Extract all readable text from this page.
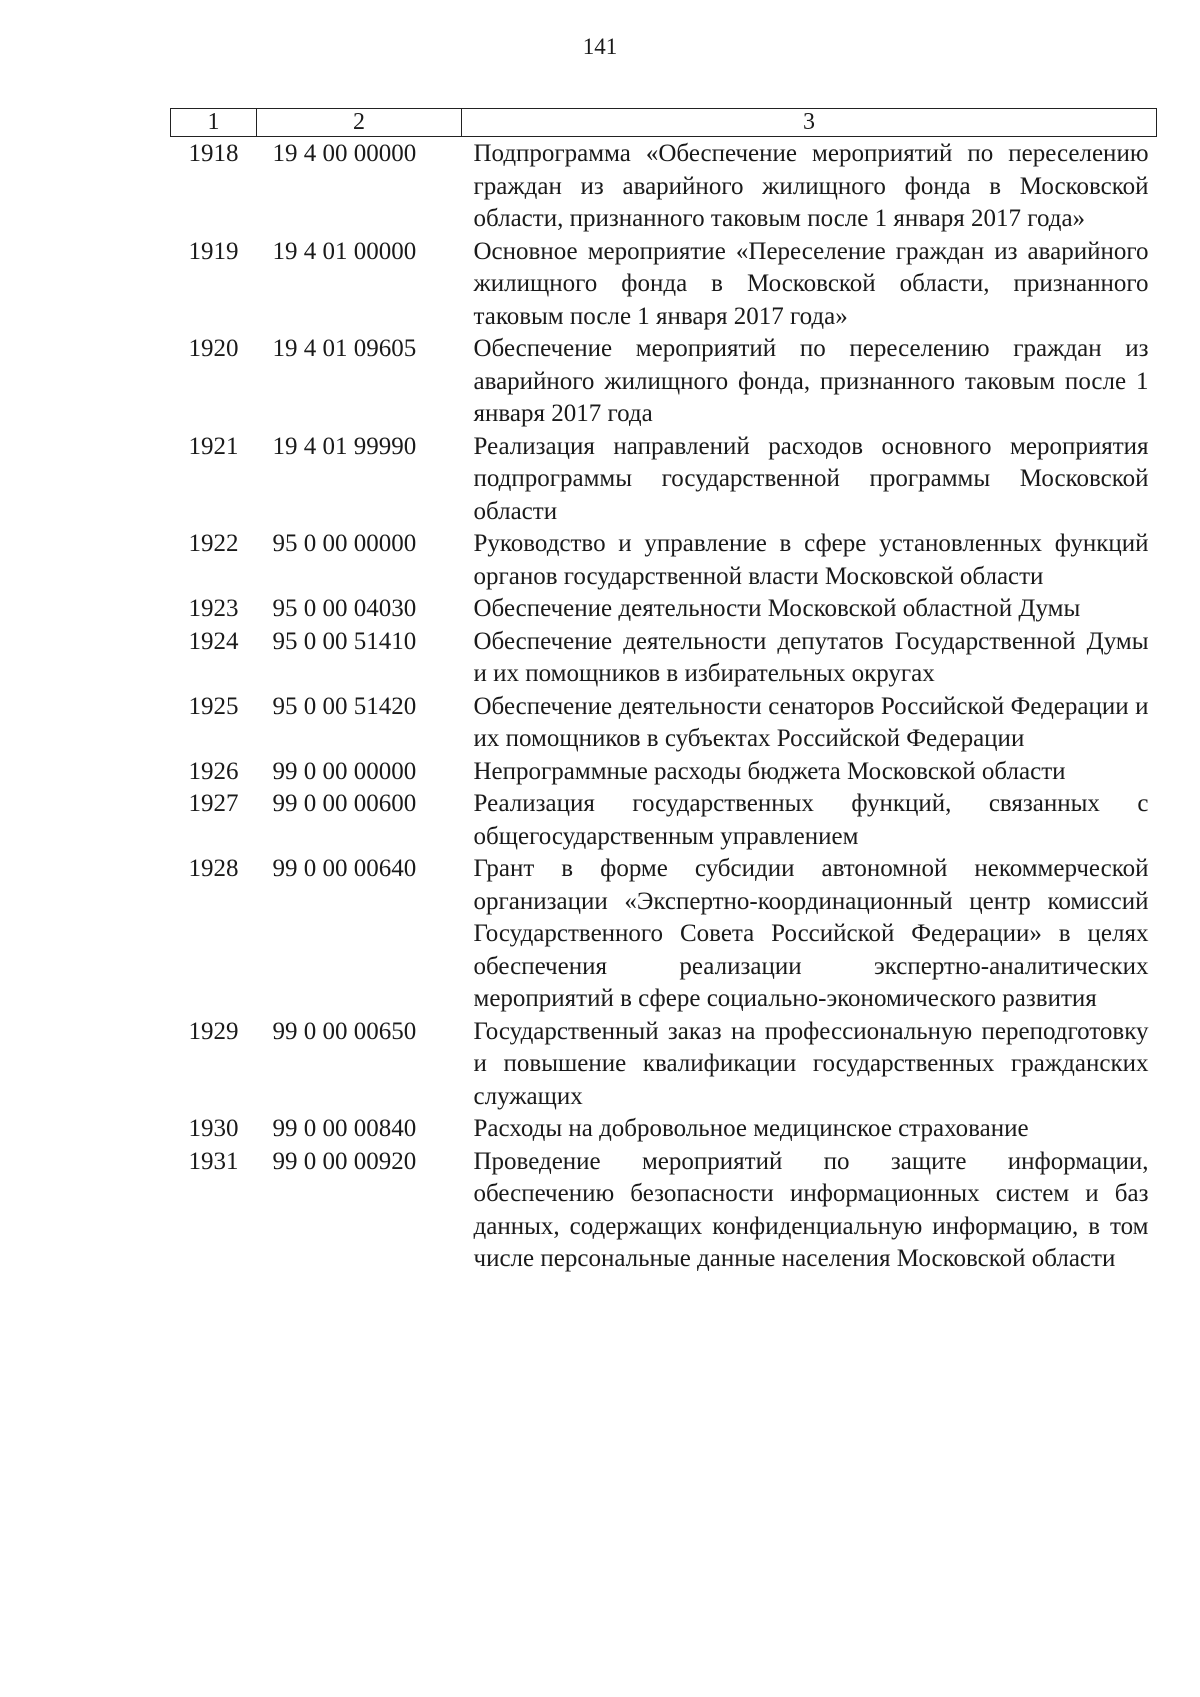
141
1	2	3
1918	19 4 00 00000	Подпрограмма «Обеспечение мероприятий по переселению граждан из аварийного жилищного фонда в Московской области, признанного таковым после 1 января 2017 года»
1919	19 4 01 00000	Основное мероприятие «Переселение граждан из аварийного жилищного фонда в Московской области, признанного таковым после 1 января 2017 года»
1920	19 4 01 09605	Обеспечение мероприятий по переселению граждан из аварийного жилищного фонда, признанного таковым после 1 января 2017 года
1921	19 4 01 99990	Реализация направлений расходов основного мероприятия подпрограммы государственной программы Московской области
1922	95 0 00 00000	Руководство и управление в сфере установленных функций органов государственной власти Московской области
1923	95 0 00 04030	Обеспечение деятельности Московской областной Думы
1924	95 0 00 51410	Обеспечение деятельности депутатов Государственной Думы и их помощников в избирательных округах
1925	95 0 00 51420	Обеспечение деятельности сенаторов Российской Федерации и их помощников в субъектах Российской Федерации
1926	99 0 00 00000	Непрограммные расходы бюджета Московской области
1927	99 0 00 00600	Реализация государственных функций, связанных с общегосударственным управлением
1928	99 0 00 00640	Грант в форме субсидии автономной некоммерческой организации «Экспертно-координационный центр комиссий Государственного Совета Российской Федерации» в целях обеспечения реализации экспертно-аналитических мероприятий в сфере социально-экономического развития
1929	99 0 00 00650	Государственный заказ на профессиональную переподготовку и повышение квалификации государственных гражданских служащих
1930	99 0 00 00840	Расходы на добровольное медицинское страхование
1931	99 0 00 00920	Проведение мероприятий по защите информации, обеспечению безопасности информационных систем и баз данных, содержащих конфиденциальную информацию, в том числе персональные данные населения Московской области
